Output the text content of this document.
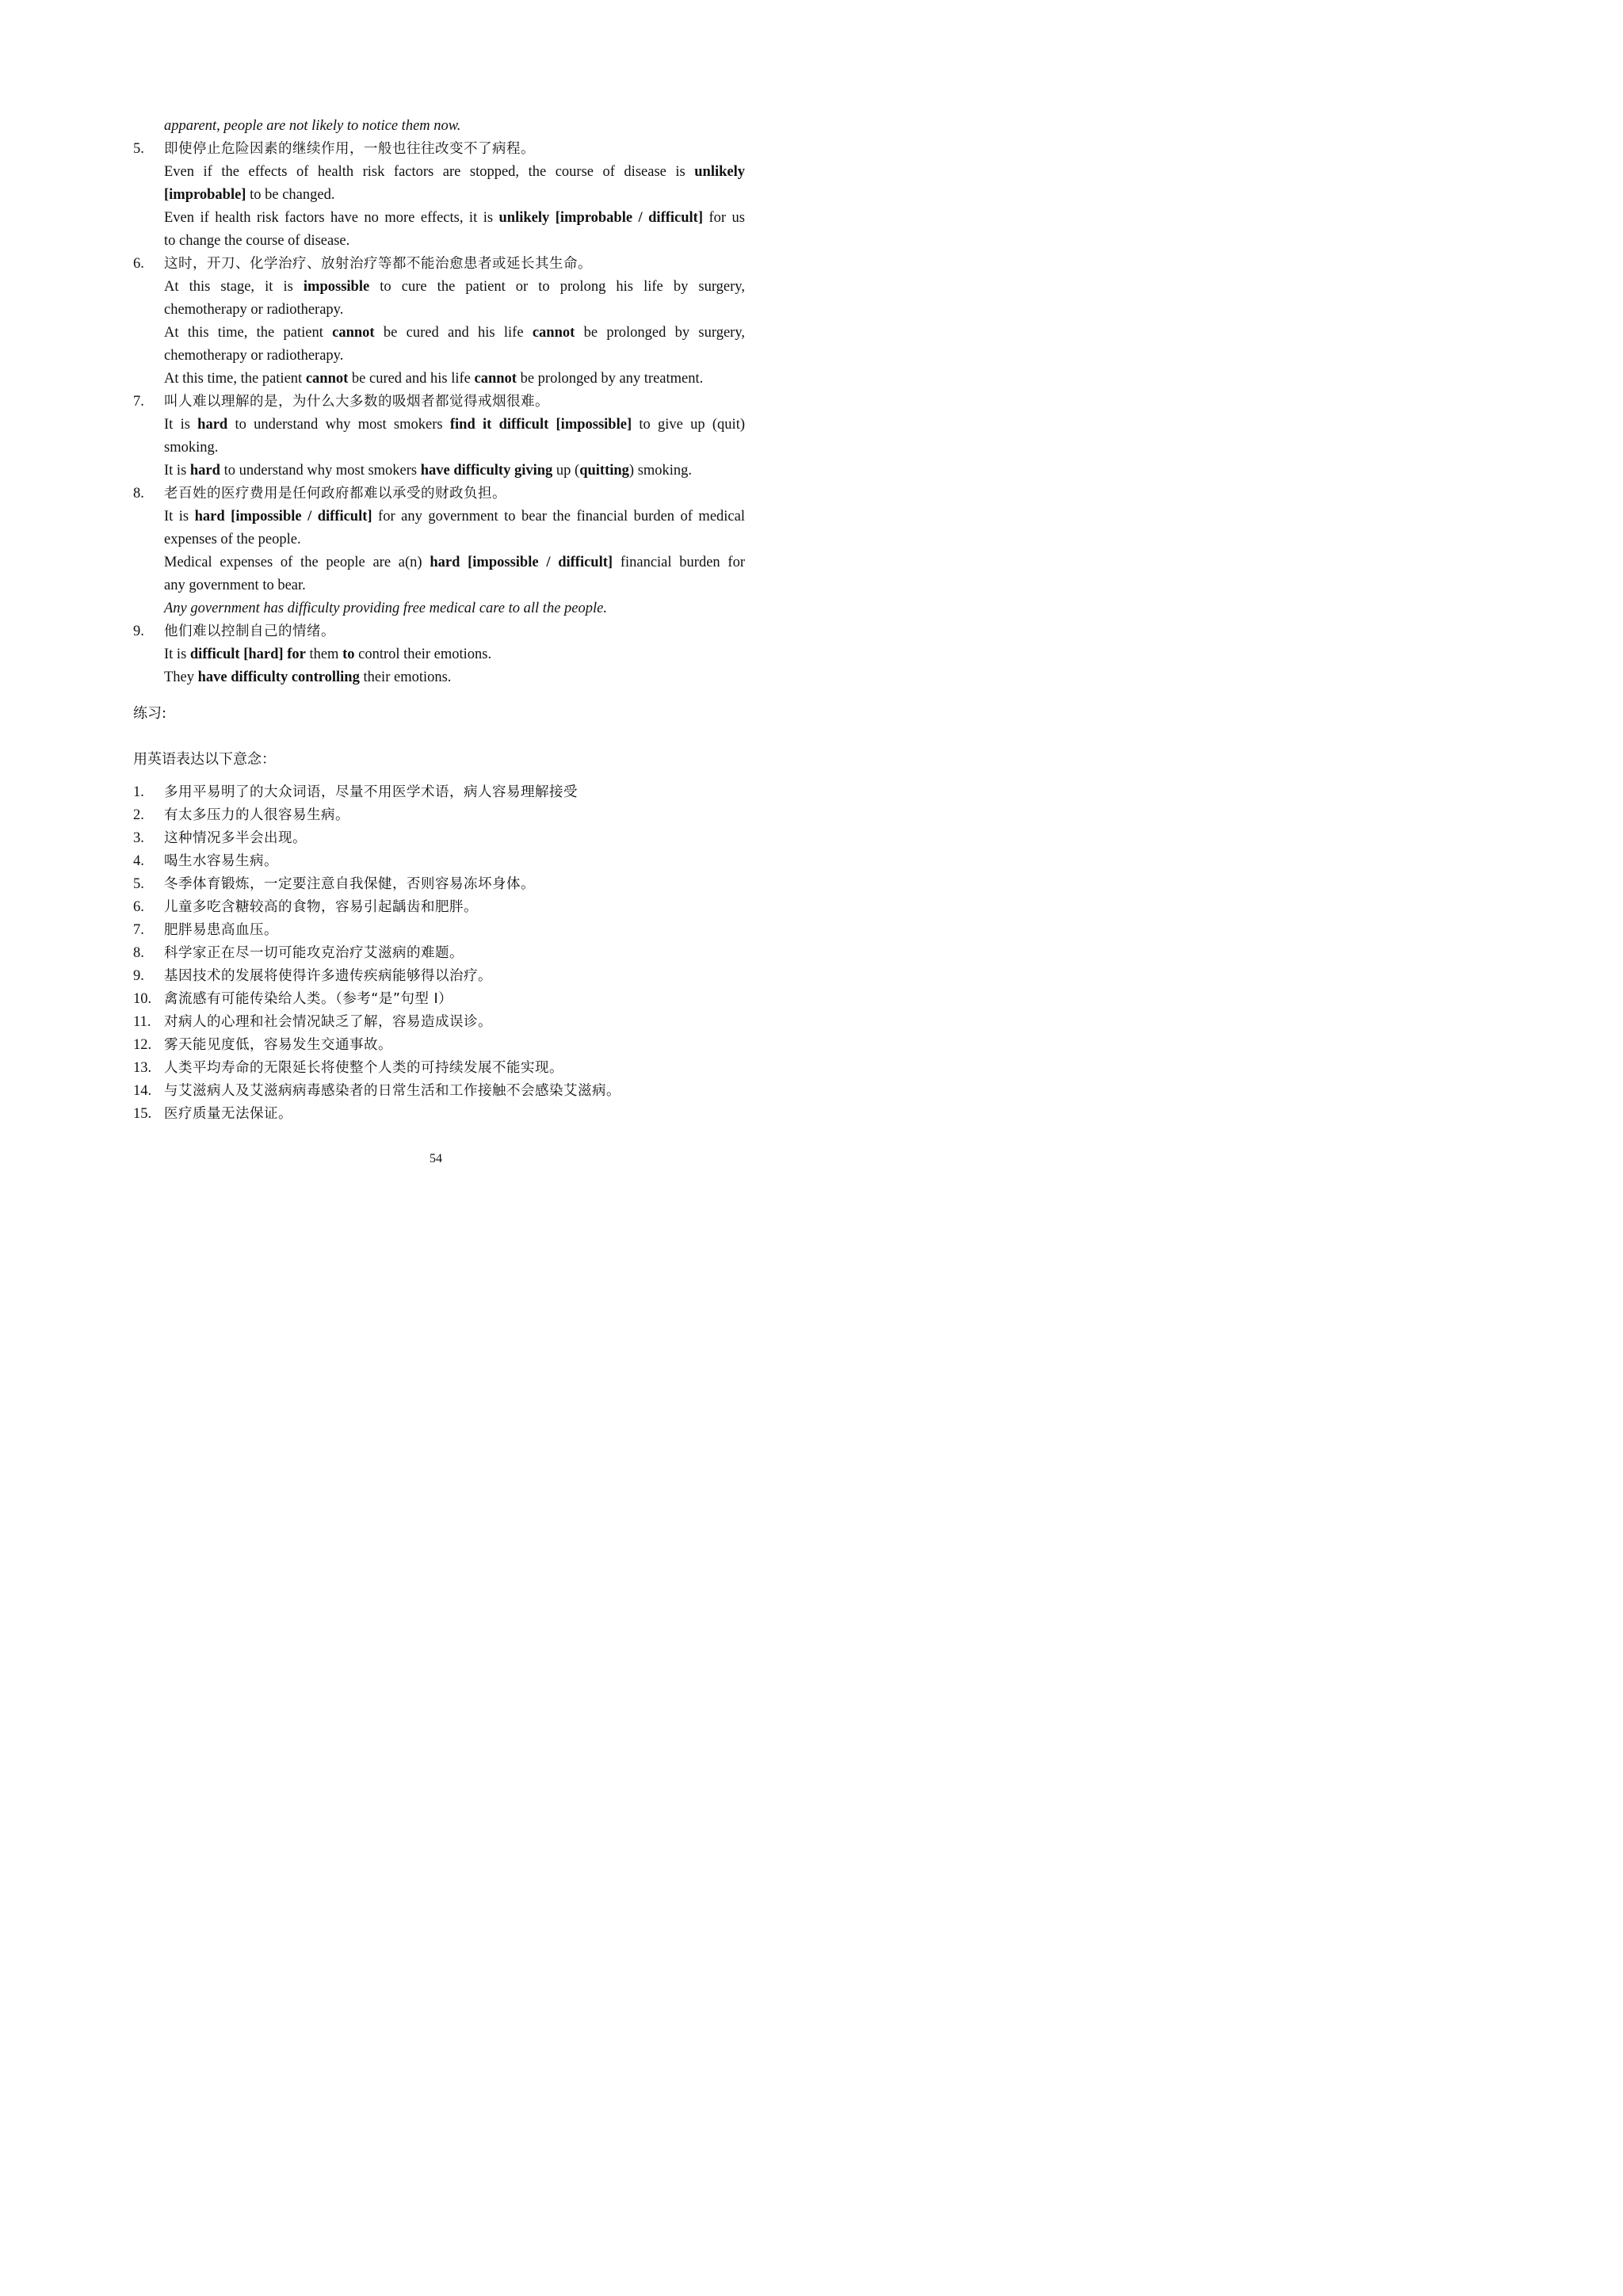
apparent, people are not likely to notice them now.
5. 即使停止危险因素的继续作用，一般也往往改变不了病程。
Even if the effects of health risk factors are stopped, the course of disease is unlikely
[improbable] to be changed.
Even if health risk factors have no more effects, it is unlikely [improbable / difficult] for us
to change the course of disease.
6. 这时，开刀、化学治疗、放射治疗等都不能治愈患者或延长其生命。
At this stage, it is impossible to cure the patient or to prolong his life by surgery,
chemotherapy or radiotherapy.
At this time, the patient cannot be cured and his life cannot be prolonged by surgery,
chemotherapy or radiotherapy.
At this time, the patient cannot be cured and his life cannot be prolonged by any treatment.
7. 叫人难以理解的是，为什么大多数的吸烟者都觉得戒烟很难。
It is hard to understand why most smokers find it difficult [impossible] to give up (quit)
smoking.
It is hard to understand why most smokers have difficulty giving up (quitting) smoking.
8. 老百姓的医疗费用是任何政府都难以承受的财政负担。
It is hard [impossible / difficult] for any government to bear the financial burden of medical
expenses of the people.
Medical expenses of the people are a(n) hard [impossible / difficult] financial burden for
any government to bear.
Any government has difficulty providing free medical care to all the people.
9. 他们难以控制自己的情绪。
It is difficult [hard] for them to control their emotions.
They have difficulty controlling their emotions.
练习:
用英语表达以下意念：
1. 多用平易明了的大众词语，尽量不用医学术语，病人容易理解接受
2. 有太多压力的人很容易生病。
3. 这种情况多半会出现。
4. 喝生水容易生病。
5. 冬季体育锻炼，一定要注意自我保健，否则容易冻坏身体。
6. 儿童多吃含糖较高的食物，容易引起龋齿和肥胖。
7. 肥胖易患高血压。
8. 科学家正在尽一切可能攻克治疗艾滋病的难题。
9. 基因技术的发展将使得许多遗传疾病能够得以治疗。
10. 禽流感有可能传染给人类。（参考“是”句型 I）
11. 对病人的心理和社会情况缺乏了解，容易造成误诊。
12. 雾天能见度低，容易发生交通事故。
13. 人类平均寿命的无限延长将使整个人类的可持续发展不能实现。
14. 与艾滋病人及艾滋病病毒感染者的日常生活和工作接触不会感染艾滋病。
15. 医疗质量无法保证。
54
